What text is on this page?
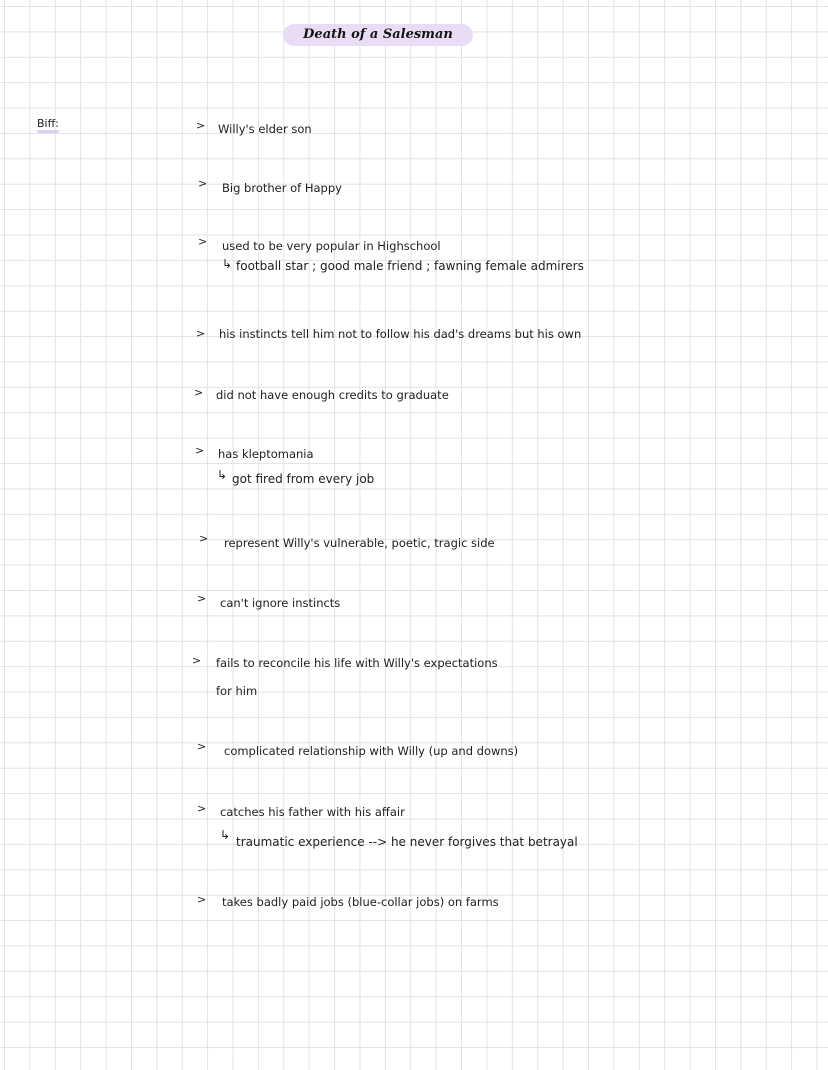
Death of a Salesman
Biff:	> Willy's elder son
> Big brother of Happy
> used to be very popular in Highschool
↳ football star ; good male friend ; fawning female admirers
> his instincts tell him not to follow his dad's dreams but his own
> did not have enough credits to graduate
> has kleptomania
↳ got fired from every job
> represent Willy's vulnerable, poetic, tragic side
> can't ignore instincts
> fails to reconcile his life with Willy's expectations
for him
> complicated relationship with Willy (up and downs)
> catches his father with his affair
↳ traumatic experience --> he never forgives that betrayal
> takes badly paid jobs (blue-collar jobs) on farms
